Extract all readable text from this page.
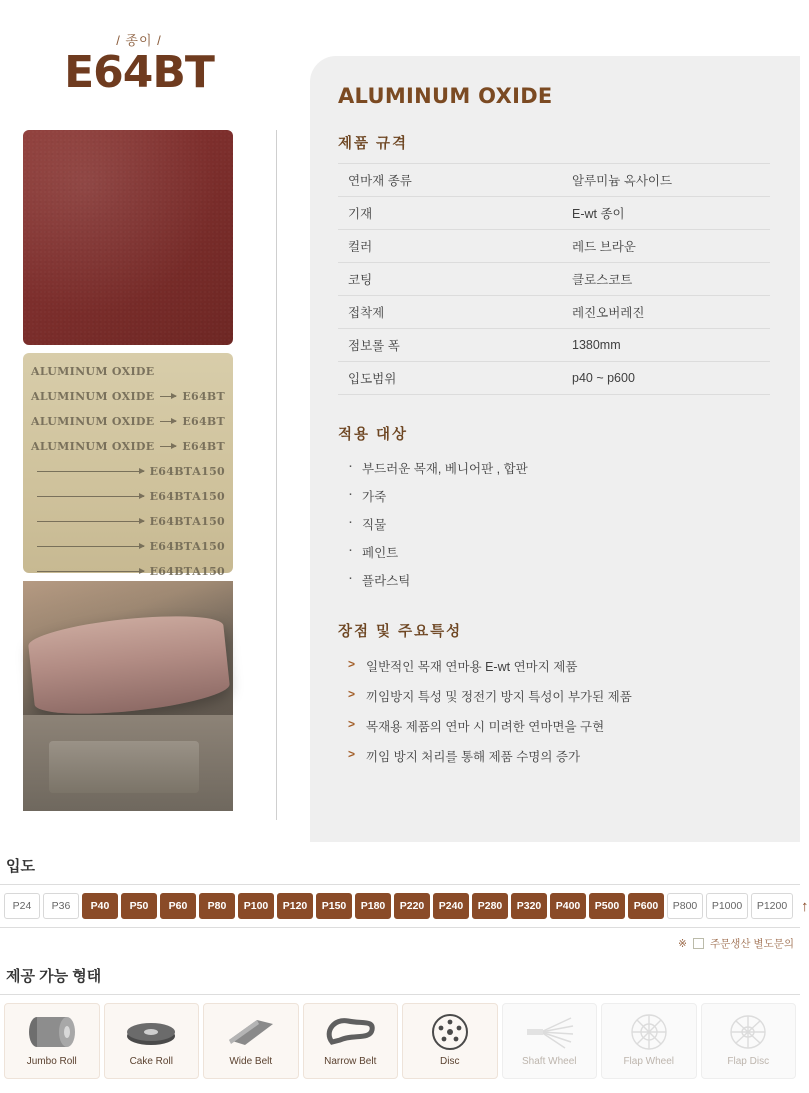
/ 종이 /
E64BT
ALUMINUM OXIDE
ALUMINUM OXIDE	E64BT
ALUMINUM OXIDE	E64BT
ALUMINUM OXIDE	E64BT
E64BT A150
E64BT A150
E64BT A150
E64BT A150
E64BT A150
ALUMINUM OXIDE
제품 규격
연마재 종류	알루미늄 옥사이드
기재	E-wt 종이
컬러	레드 브라운
코팅	클로스코트
접착제	레진오버레진
점보롤 폭	1380mm
입도범위	p40 ~ p600
적용 대상
· 부드러운 목재, 베니어판 , 합판
· 가죽
· 직물
· 페인트
· 플라스틱
장점 및 주요특성
> 일반적인 목재 연마용 E-wt 연마지 제품
> 끼임방지 특성 및 정전기 방지 특성이 부가된 제품
> 목재용 제품의 연마 시 미려한 연마면을 구현
> 끼임 방지 처리를 통해 제품 수명의 증가
입도
P24	P36	P40	P50	P60	P80	P100	P120	P150	P180	P220	P240	P280	P320	P400	P500	P600	P800	P1000	P1200 ↑
※ 주문생산 별도문의
제공 가능 형태
Jumbo Roll	Cake Roll	Wide Belt	Narrow Belt	Disc	Shaft Wheel	Flap Wheel	Flap Disc
